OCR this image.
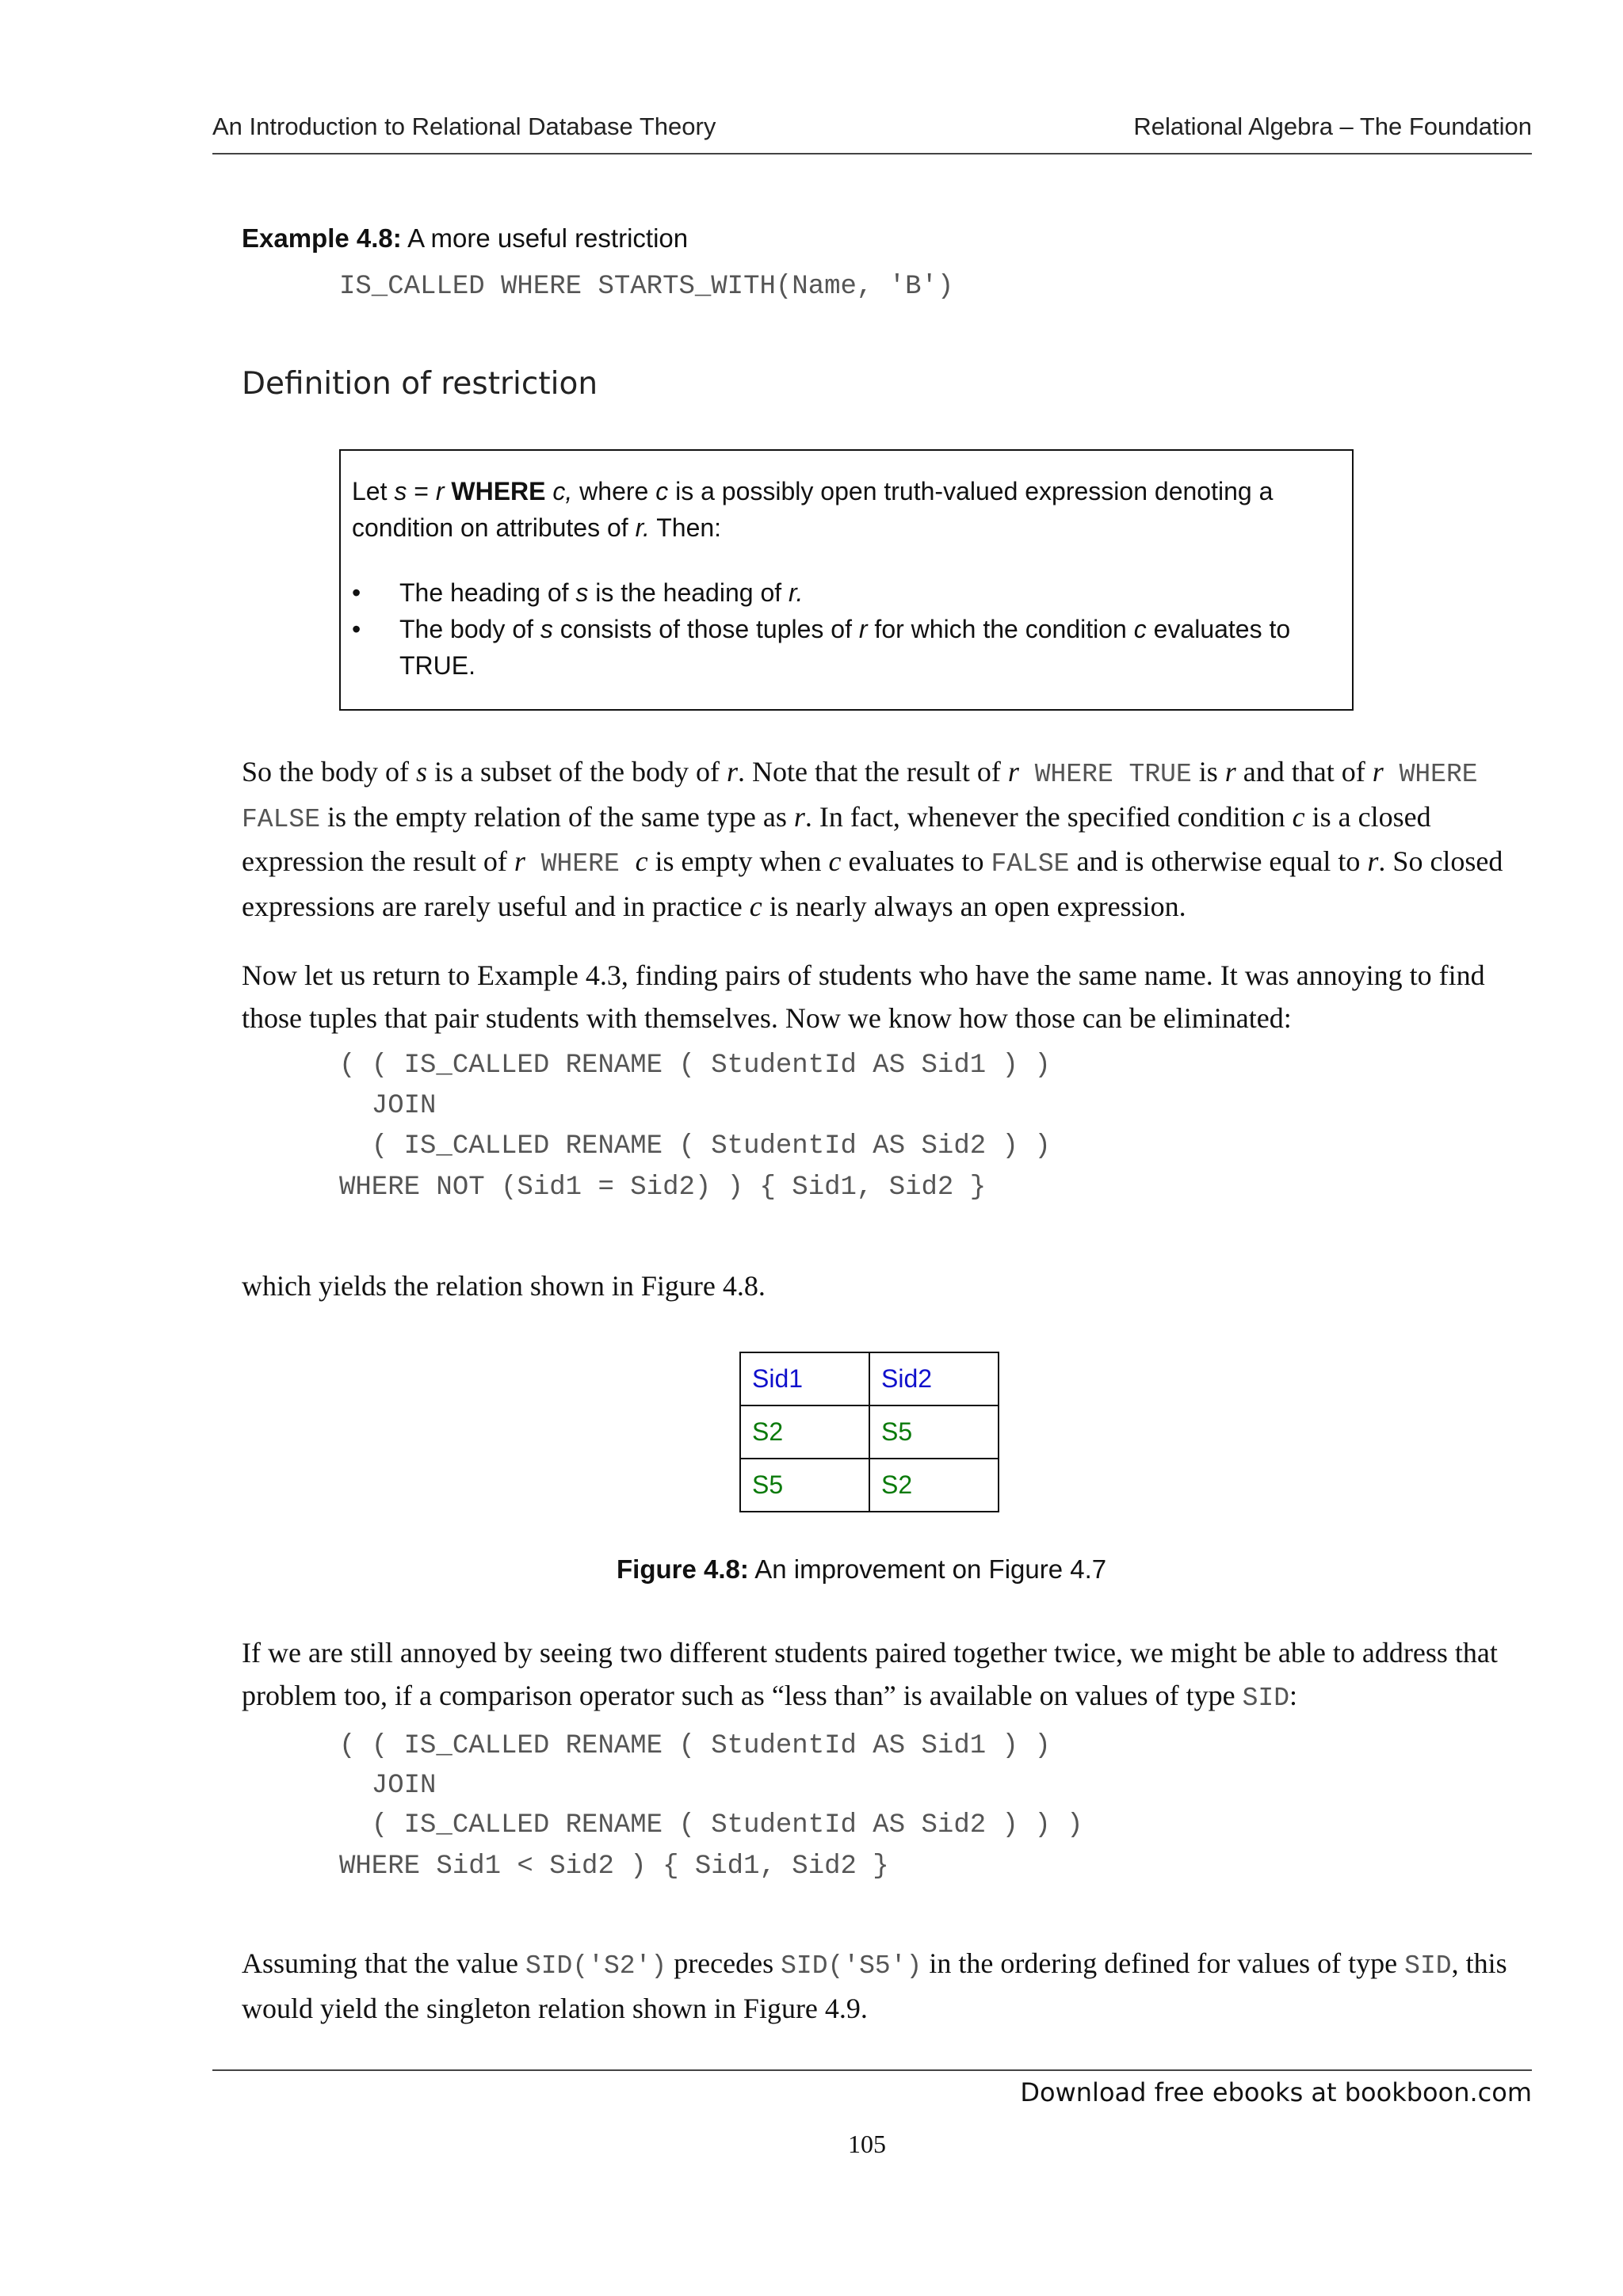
An Introduction to Relational Database Theory	Relational Algebra – The Foundation
Example 4.8: A more useful restriction
IS_CALLED WHERE STARTS_WITH(Name, 'B')
Definition of restriction

Let s = r WHERE c, where c is a possibly open truth-valued expression denoting a condition on attributes of r. Then:

• The heading of s is the heading of r.
• The body of s consists of those tuples of r for which the condition c evaluates to TRUE.
So the body of s is a subset of the body of r. Note that the result of r WHERE TRUE is r and that of r WHERE FALSE is the empty relation of the same type as r. In fact, whenever the specified condition c is a closed expression the result of r WHERE c is empty when c evaluates to FALSE and is otherwise equal to r. So closed expressions are rarely useful and in practice c is nearly always an open expression.
Now let us return to Example 4.3, finding pairs of students who have the same name. It was annoying to find those tuples that pair students with themselves. Now we know how those can be eliminated:
( ( IS_CALLED RENAME ( StudentId AS Sid1 ) )
JOIN
( IS_CALLED RENAME ( StudentId AS Sid2 ) )
WHERE NOT (Sid1 = Sid2) ) { Sid1, Sid2 }
which yields the relation shown in Figure 4.8.
Sid1	Sid2
S2	S5
S5	S2
Figure 4.8: An improvement on Figure 4.7
If we are still annoyed by seeing two different students paired together twice, we might be able to address that problem too, if a comparison operator such as “less than” is available on values of type SID:
( ( IS_CALLED RENAME ( StudentId AS Sid1 ) )
JOIN
( IS_CALLED RENAME ( StudentId AS Sid2 ) ) )
WHERE Sid1 < Sid2 ) { Sid1, Sid2 }
Assuming that the value SID('S2') precedes SID('S5') in the ordering defined for values of type SID, this would yield the singleton relation shown in Figure 4.9.
Download free ebooks at bookboon.com
105
